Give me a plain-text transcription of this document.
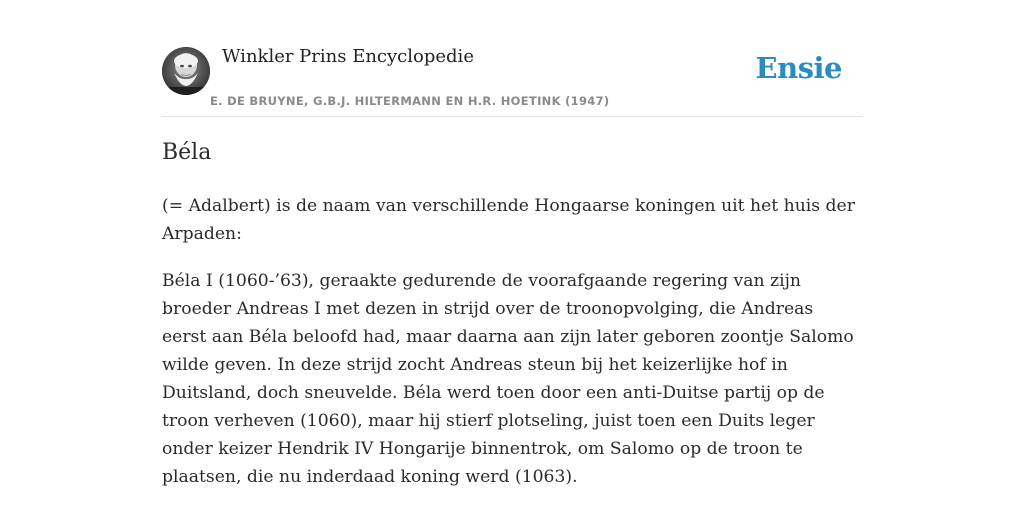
Winkler Prins Encyclopedie
E. DE BRUYNE, G.B.J. HILTERMANN EN H.R. HOETINK (1947)
Ensie
Béla

(= Adalbert) is de naam van verschillende Hongaarse koningen uit het huis der Arpaden:

Béla I (1060-’63), geraakte gedurende de voorafgaande regering van zijn broeder Andreas I met dezen in strijd over de troonopvolging, die Andreas eerst aan Béla beloofd had, maar daarna aan zijn later geboren zoontje Salomo wilde geven. In deze strijd zocht Andreas steun bij het keizerlijke hof in Duitsland, doch sneuvelde. Béla werd toen door een anti-Duitse partij op de troon verheven (1060), maar hij stierf plotseling, juist toen een Duits leger onder keizer Hendrik IV Hongarije binnentrok, om Salomo op de troon te plaatsen, die nu inderdaad koning werd (1063).
